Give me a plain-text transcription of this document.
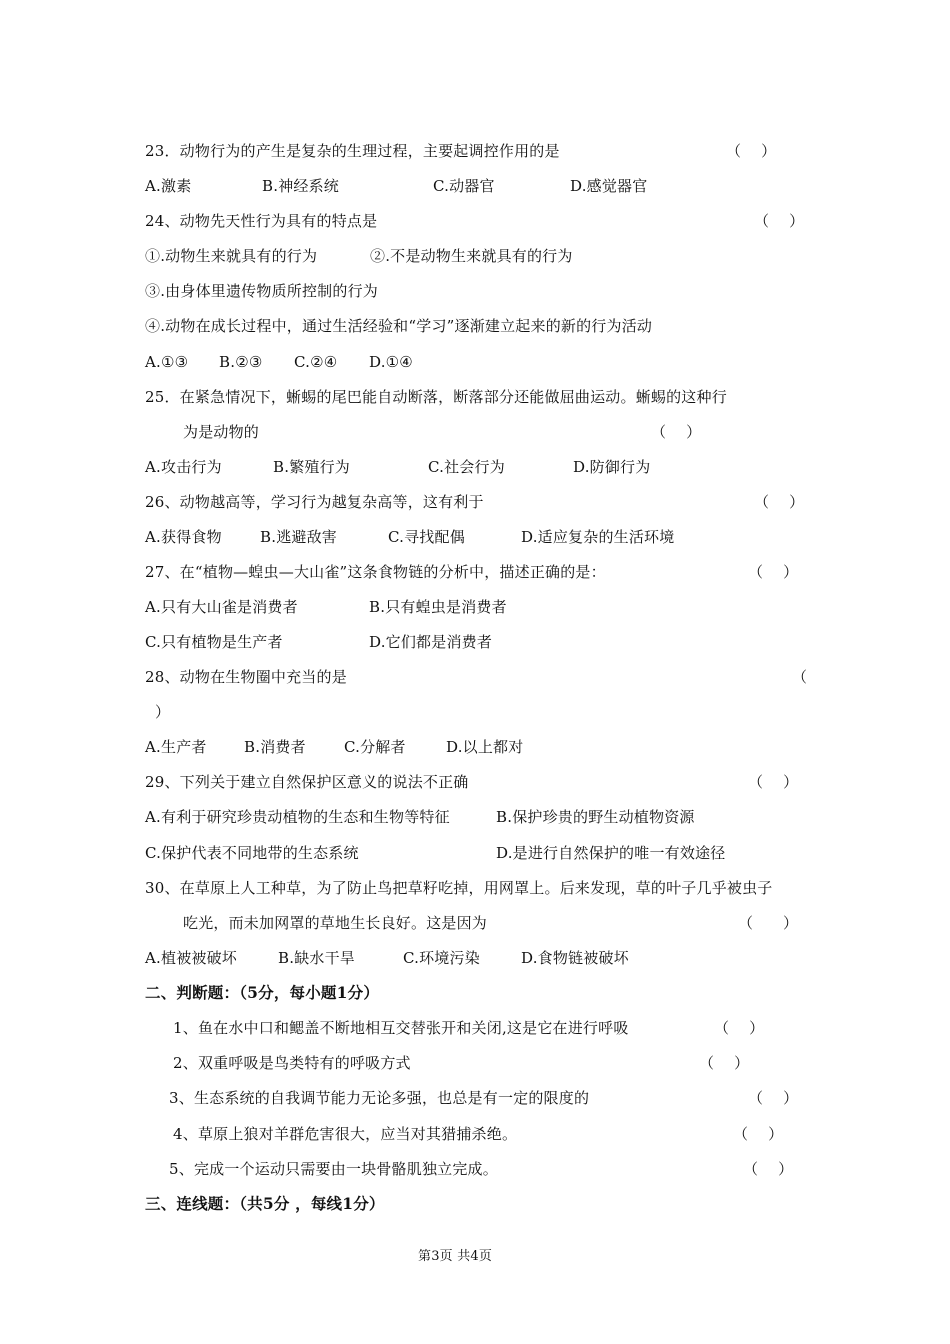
23．动物行为的产生是复杂的生理过程，主要起调控作用的是	（    ）
A.激素	B.神经系统	C.动器官	D.感觉器官
24、动物先天性行为具有的特点是	（    ）
①.动物生来就具有的行为	②.不是动物生来就具有的行为
③.由身体里遗传物质所控制的行为
④.动物在成长过程中，通过生活经验和“学习”逐渐建立起来的新的行为活动
A.①③ B.②③ C.②④ D.①④
25．在紧急情况下，蜥蜴的尾巴能自动断落，断落部分还能做屈曲运动。蜥蜴的这种行
为是动物的	（    ）
A.攻击行为	B.繁殖行为	C.社会行为	D.防御行为
26、动物越高等，学习行为越复杂高等，这有利于	（    ）
A.获得食物	B.逃避敌害	C.寻找配偶	D.适应复杂的生活环境
27、在“植物—蝗虫—大山雀”这条食物链的分析中，描述正确的是：	（    ）
A.只有大山雀是消费者	B.只有蝗虫是消费者
C.只有植物是生产者	D.它们都是消费者
28、动物在生物圈中充当的是	（
）
A.生产者 B.消费者	C.分解者	D.以上都对
29、下列关于建立自然保护区意义的说法不正确	（    ）
A.有利于研究珍贵动植物的生态和生物等特征	B.保护珍贵的野生动植物资源
C.保护代表不同地带的生态系统	D.是进行自然保护的唯一有效途径
30、在草原上人工种草，为了防止鸟把草籽吃掉，用网罩上。后来发现，草的叶子几乎被虫子
吃光，而未加网罩的草地生长良好。这是因为	（      ）
A.植被被破坏	B.缺水干旱	C.环境污染	D.食物链被破坏
二、判断题：（5分，每小题1分）
1、鱼在水中口和鳃盖不断地相互交替张开和关闭,这是它在进行呼吸	（    ）
2、双重呼吸是鸟类特有的呼吸方式	（    ）
3、生态系统的自我调节能力无论多强，也总是有一定的限度的	（    ）
4、草原上狼对羊群危害很大，应当对其猎捕杀绝。	（    ）
5、完成一个运动只需要由一块骨骼肌独立完成。	（    ）
三、连线题：（共5分 ，每线1分）
第3页 共4页
